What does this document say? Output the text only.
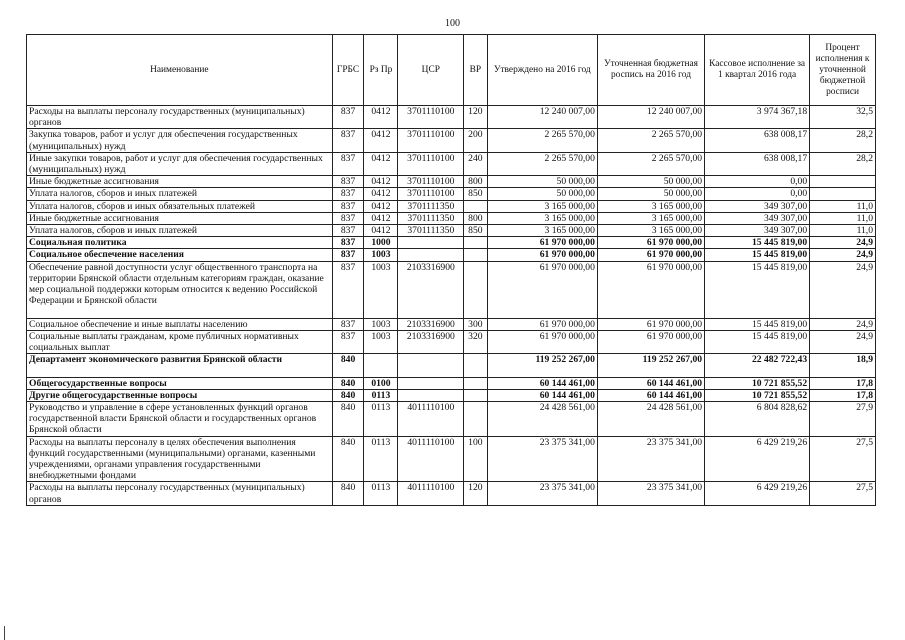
100
Наименование	ГРБС	Рз Пр	ЦСР	ВР	Утверждено на 2016 год	Уточненная бюджетная роспись на 2016 год	Кассовое исполнение за 1 квартал 2016 года	Процент исполнения к уточненной бюджетной росписи
Расходы на выплаты персоналу государственных (муниципальных) органов	837	0412	3701110100	120	12 240 007,00	12 240 007,00	3 974 367,18	32,5
Закупка товаров, работ и услуг для обеспечения государственных (муниципальных) нужд	837	0412	3701110100	200	2 265 570,00	2 265 570,00	638 008,17	28,2
Иные закупки товаров, работ и услуг для обеспечения государственных (муниципальных) нужд	837	0412	3701110100	240	2 265 570,00	2 265 570,00	638 008,17	28,2
Иные бюджетные ассигнования	837	0412	3701110100	800	50 000,00	50 000,00	0,00	
Уплата налогов, сборов и иных платежей	837	0412	3701110100	850	50 000,00	50 000,00	0,00	
Уплата налогов, сборов и иных обязательных платежей	837	0412	3701111350		3 165 000,00	3 165 000,00	349 307,00	11,0
Иные бюджетные ассигнования	837	0412	3701111350	800	3 165 000,00	3 165 000,00	349 307,00	11,0
Уплата налогов, сборов и иных платежей	837	0412	3701111350	850	3 165 000,00	3 165 000,00	349 307,00	11,0
Социальная политика	837	1000			61 970 000,00	61 970 000,00	15 445 819,00	24,9
Социальное обеспечение населения	837	1003			61 970 000,00	61 970 000,00	15 445 819,00	24,9
Обеспечение равной доступности услуг общественного транспорта на территории Брянской области отдельным категориям граждан, оказание мер социальной поддержки которым относится к ведению Российской Федерации и Брянской области	837	1003	2103316900		61 970 000,00	61 970 000,00	15 445 819,00	24,9
Социальное обеспечение и иные выплаты населению	837	1003	2103316900	300	61 970 000,00	61 970 000,00	15 445 819,00	24,9
Социальные выплаты гражданам, кроме публичных нормативных социальных выплат	837	1003	2103316900	320	61 970 000,00	61 970 000,00	15 445 819,00	24,9
Департамент экономического развития Брянской области	840				119 252 267,00	119 252 267,00	22 482 722,43	18,9
Общегосударственные вопросы	840	0100			60 144 461,00	60 144 461,00	10 721 855,52	17,8
Другие общегосударственные вопросы	840	0113			60 144 461,00	60 144 461,00	10 721 855,52	17,8
Руководство и управление в сфере установленных функций органов государственной власти Брянской области и государственных органов Брянской области	840	0113	4011110100		24 428 561,00	24 428 561,00	6 804 828,62	27,9
Расходы на выплаты персоналу в целях обеспечения выполнения функций государственными (муниципальными) органами, казенными учреждениями, органами управления государственными внебюджетными фондами	840	0113	4011110100	100	23 375 341,00	23 375 341,00	6 429 219,26	27,5
Расходы на выплаты персоналу государственных (муниципальных) органов	840	0113	4011110100	120	23 375 341,00	23 375 341,00	6 429 219,26	27,5
